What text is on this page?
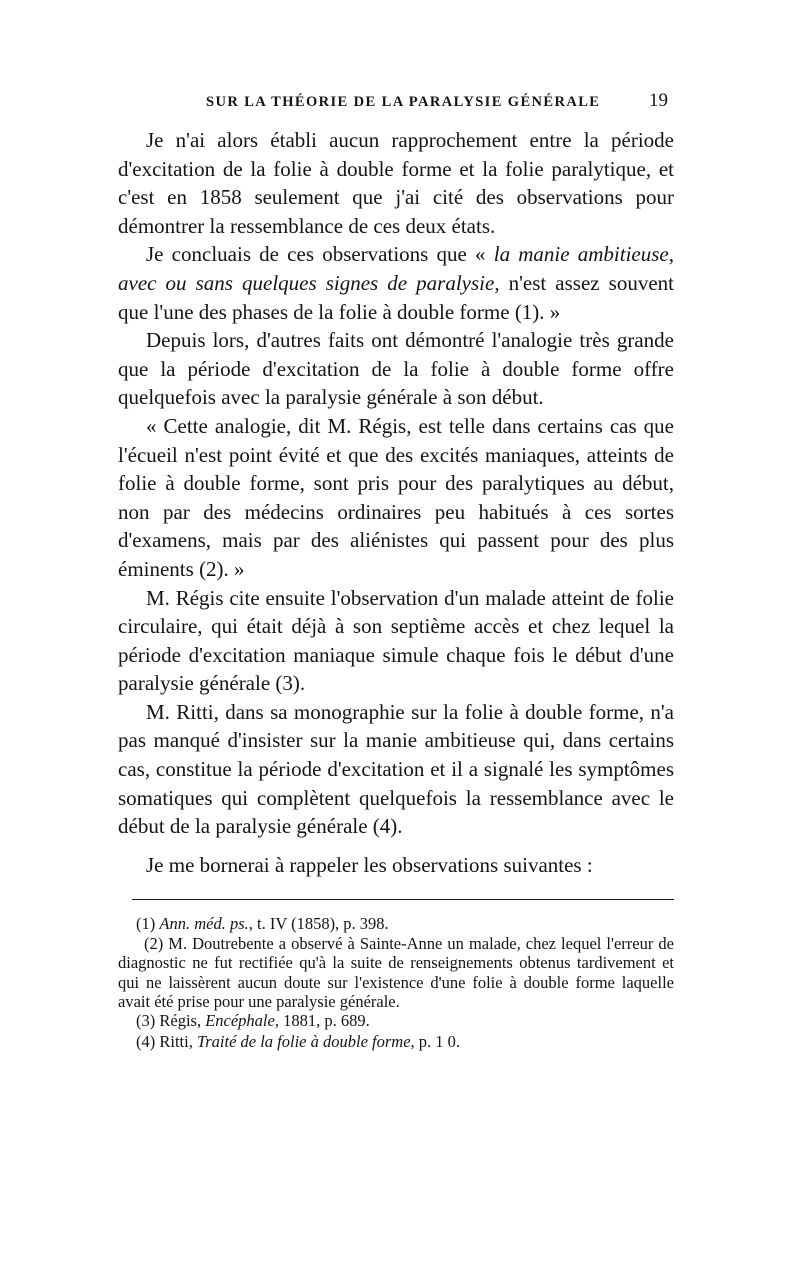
SUR LA THÉORIE DE LA PARALYSIE GÉNÉRALE	19

Je n'ai alors établi aucun rapprochement entre la période d'excitation de la folie à double forme et la folie paralytique, et c'est en 1858 seulement que j'ai cité des observations pour démontrer la ressemblance de ces deux états.

Je concluais de ces observations que « la manie ambitieuse, avec ou sans quelques signes de paralysie, n'est assez souvent que l'une des phases de la folie à double forme (1). »

Depuis lors, d'autres faits ont démontré l'analogie très grande que la période d'excitation de la folie à double forme offre quelquefois avec la paralysie générale à son début.

« Cette analogie, dit M. Régis, est telle dans certains cas que l'écueil n'est point évité et que des excités maniaques, atteints de folie à double forme, sont pris pour des paralytiques au début, non par des médecins ordinaires peu habitués à ces sortes d'examens, mais par des aliénistes qui passent pour des plus éminents (2). »

M. Régis cite ensuite l'observation d'un malade atteint de folie circulaire, qui était déjà à son septième accès et chez lequel la période d'excitation maniaque simule chaque fois le début d'une paralysie générale (3).

M. Ritti, dans sa monographie sur la folie à double forme, n'a pas manqué d'insister sur la manie ambitieuse qui, dans certains cas, constitue la période d'excitation et il a signalé les symptômes somatiques qui complètent quelquefois la ressemblance avec le début de la paralysie générale (4).

Je me bornerai à rappeler les observations suivantes :

(1) Ann. méd. ps., t. IV (1858), p. 398.

(2) M. Doutrebente a observé à Sainte-Anne un malade, chez lequel l'erreur de diagnostic ne fut rectifiée qu'à la suite de renseignements obtenus tardivement et qui ne laissèrent aucun doute sur l'existence d'une folie à double forme laquelle avait été prise pour une paralysie générale.

(3) Régis, Encéphale, 1881, p. 689.

(4) Ritti, Traité de la folie à double forme, p. 1 0.
